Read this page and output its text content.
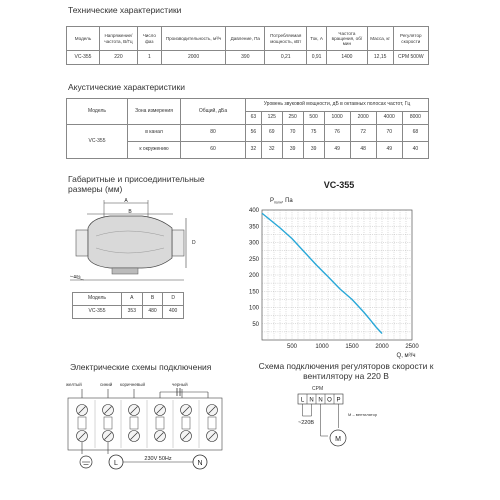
Технические характеристики
Модель	Напряжение/ частота, В/Гц	Число фаз	Производительность, м³/ч	Давление, Па	Потребляемая мощность, кВт	Ток, А	Частота вращения, об/мин	Масса, кг	Регулятор скорости
VC-355	220	1	2000	390	0,21	0,91	1400	12,15	CPM 500W
Акустические характеристики
Модель	Зона измерения	Общий, дБа	Уровень звуковой мощности, дБ в октавных полосах частот, Гц							
			63	125	250	500	1000	2000	4000	8000
VC-355	в канал	80	56	69	70	75	76	72	70	68
	к окружению	60	32	32	39	39	49	48	49	40
Габаритные и присоединительные размеры (мм)
A
B
D
5%
Модель	A	B	D
VC-355	353	480	400
500	1000	1500	2000	2500
50
100
150
200
250
300
350
400
VC-355
$P_{полн}$, Па
Q, м³/ч
Электрические схемы подключения
желтый	синий коричневый	черный
L
230V 50Hz
N
Схема подключения регуляторов скорости к вентилятору на 220 В
CPM
L N N O P
~220В
M
M – вентилятор
